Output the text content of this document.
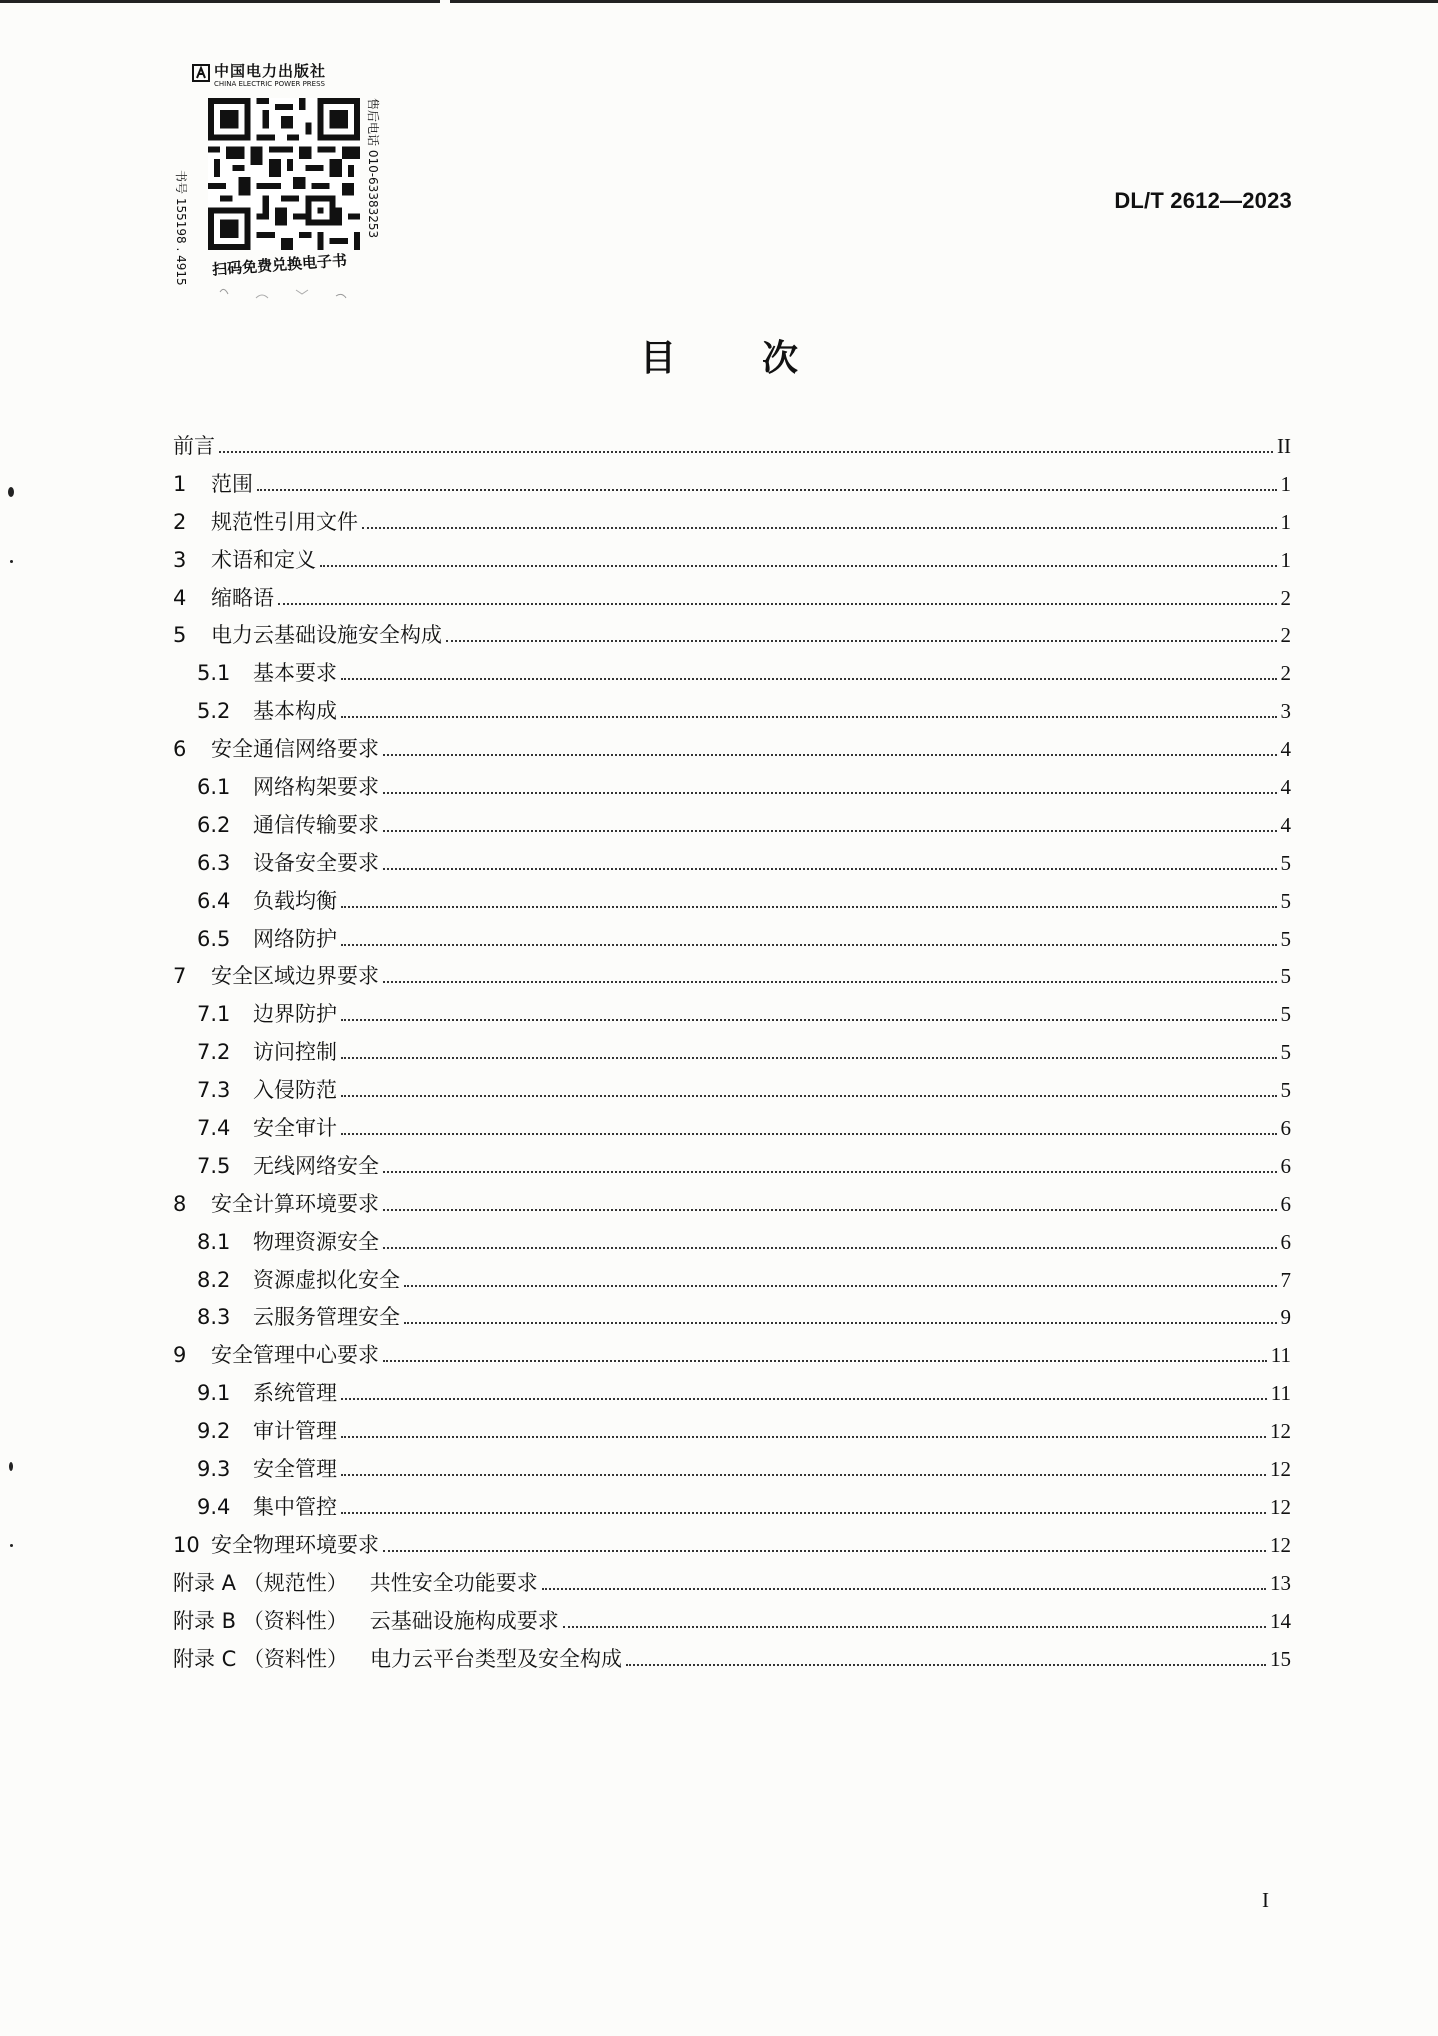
中国电力出版社
CHINA ELECTRIC POWER PRESS
书号 155198 . 4915	售后电话 010-63383253
扫码免费兑换电子书
DL/T 2612—2023
目 次
前言	II
1	范围	1
2	规范性引用文件	1
3	术语和定义	1
4	缩略语	2
5	电力云基础设施安全构成	2
5.1	基本要求	2
5.2	基本构成	3
6	安全通信网络要求	4
6.1	网络构架要求	4
6.2	通信传输要求	4
6.3	设备安全要求	5
6.4	负载均衡	5
6.5	网络防护	5
7	安全区域边界要求	5
7.1	边界防护	5
7.2	访问控制	5
7.3	入侵防范	5
7.4	安全审计	6
7.5	无线网络安全	6
8	安全计算环境要求	6
8.1	物理资源安全	6
8.2	资源虚拟化安全	7
8.3	云服务管理安全	9
9	安全管理中心要求	11
9.1	系统管理	11
9.2	审计管理	12
9.3	安全管理	12
9.4	集中管控	12
10 安全物理环境要求	12
附录 A （规范性） 共性安全功能要求	13
附录 B （资料性） 云基础设施构成要求	14
附录 C （资料性） 电力云平台类型及安全构成	15
I
